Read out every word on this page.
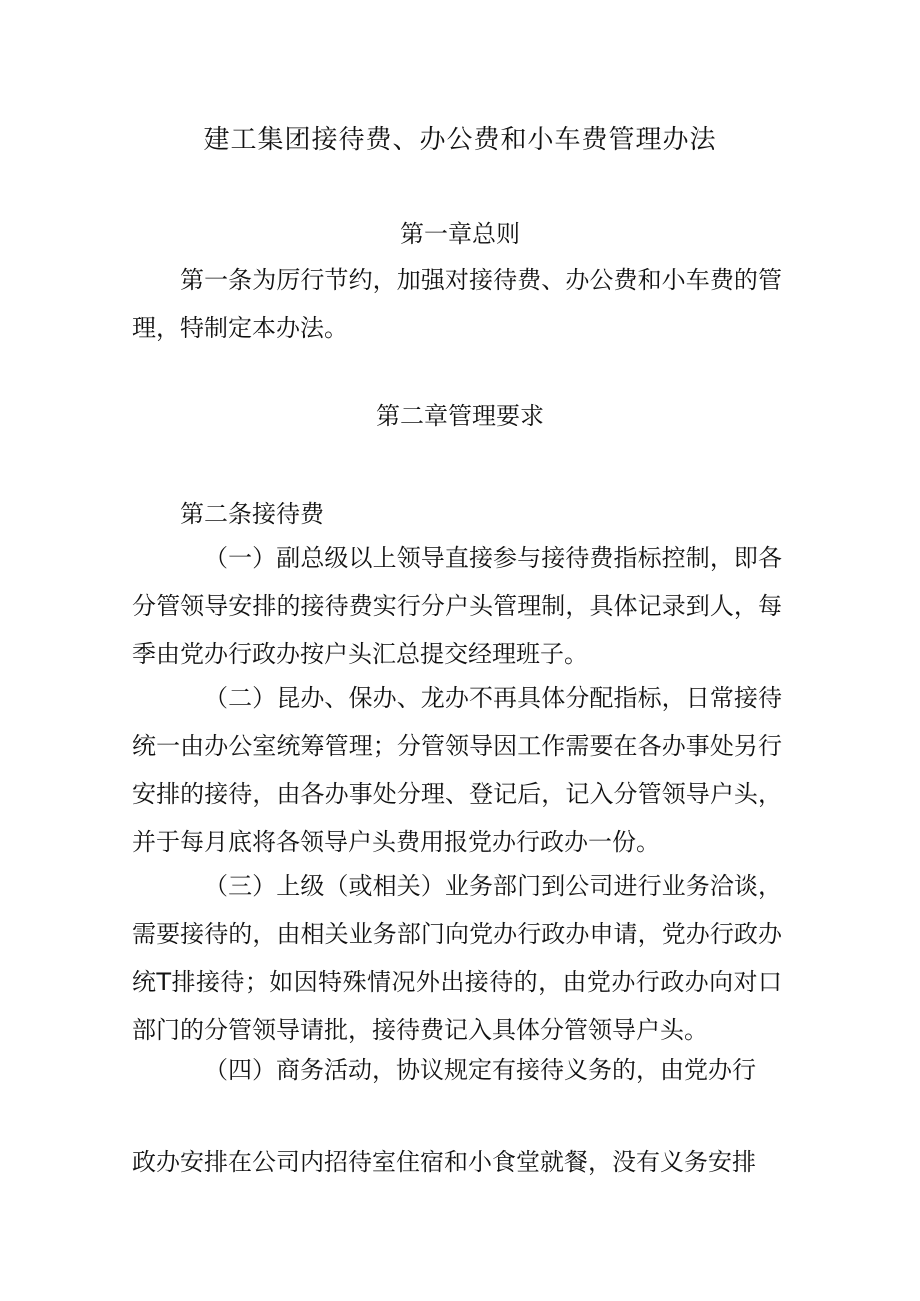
建工集团接待费、办公费和小车费管理办法
第一章总则
第一条为厉行节约，加强对接待费、办公费和小车费的管理，特制定本办法。
第二章管理要求
第二条接待费
（一）副总级以上领导直接参与接待费指标控制，即各分管领导安排的接待费实行分户头管理制，具体记录到人，每季由党办行政办按户头汇总提交经理班子。
（二）昆办、保办、龙办不再具体分配指标，日常接待统一由办公室统筹管理；分管领导因工作需要在各办事处另行安排的接待，由各办事处分理、登记后，记入分管领导户头，并于每月底将各领导户头费用报党办行政办一份。
（三）上级（或相关）业务部门到公司进行业务洽谈，需要接待的，由相关业务部门向党办行政办申请，党办行政办统T排接待；如因特殊情况外出接待的，由党办行政办向对口部门的分管领导请批，接待费记入具体分管领导户头。
（四）商务活动，协议规定有接待义务的，由党办行
政办安排在公司内招待室住宿和小食堂就餐，没有义务安排
